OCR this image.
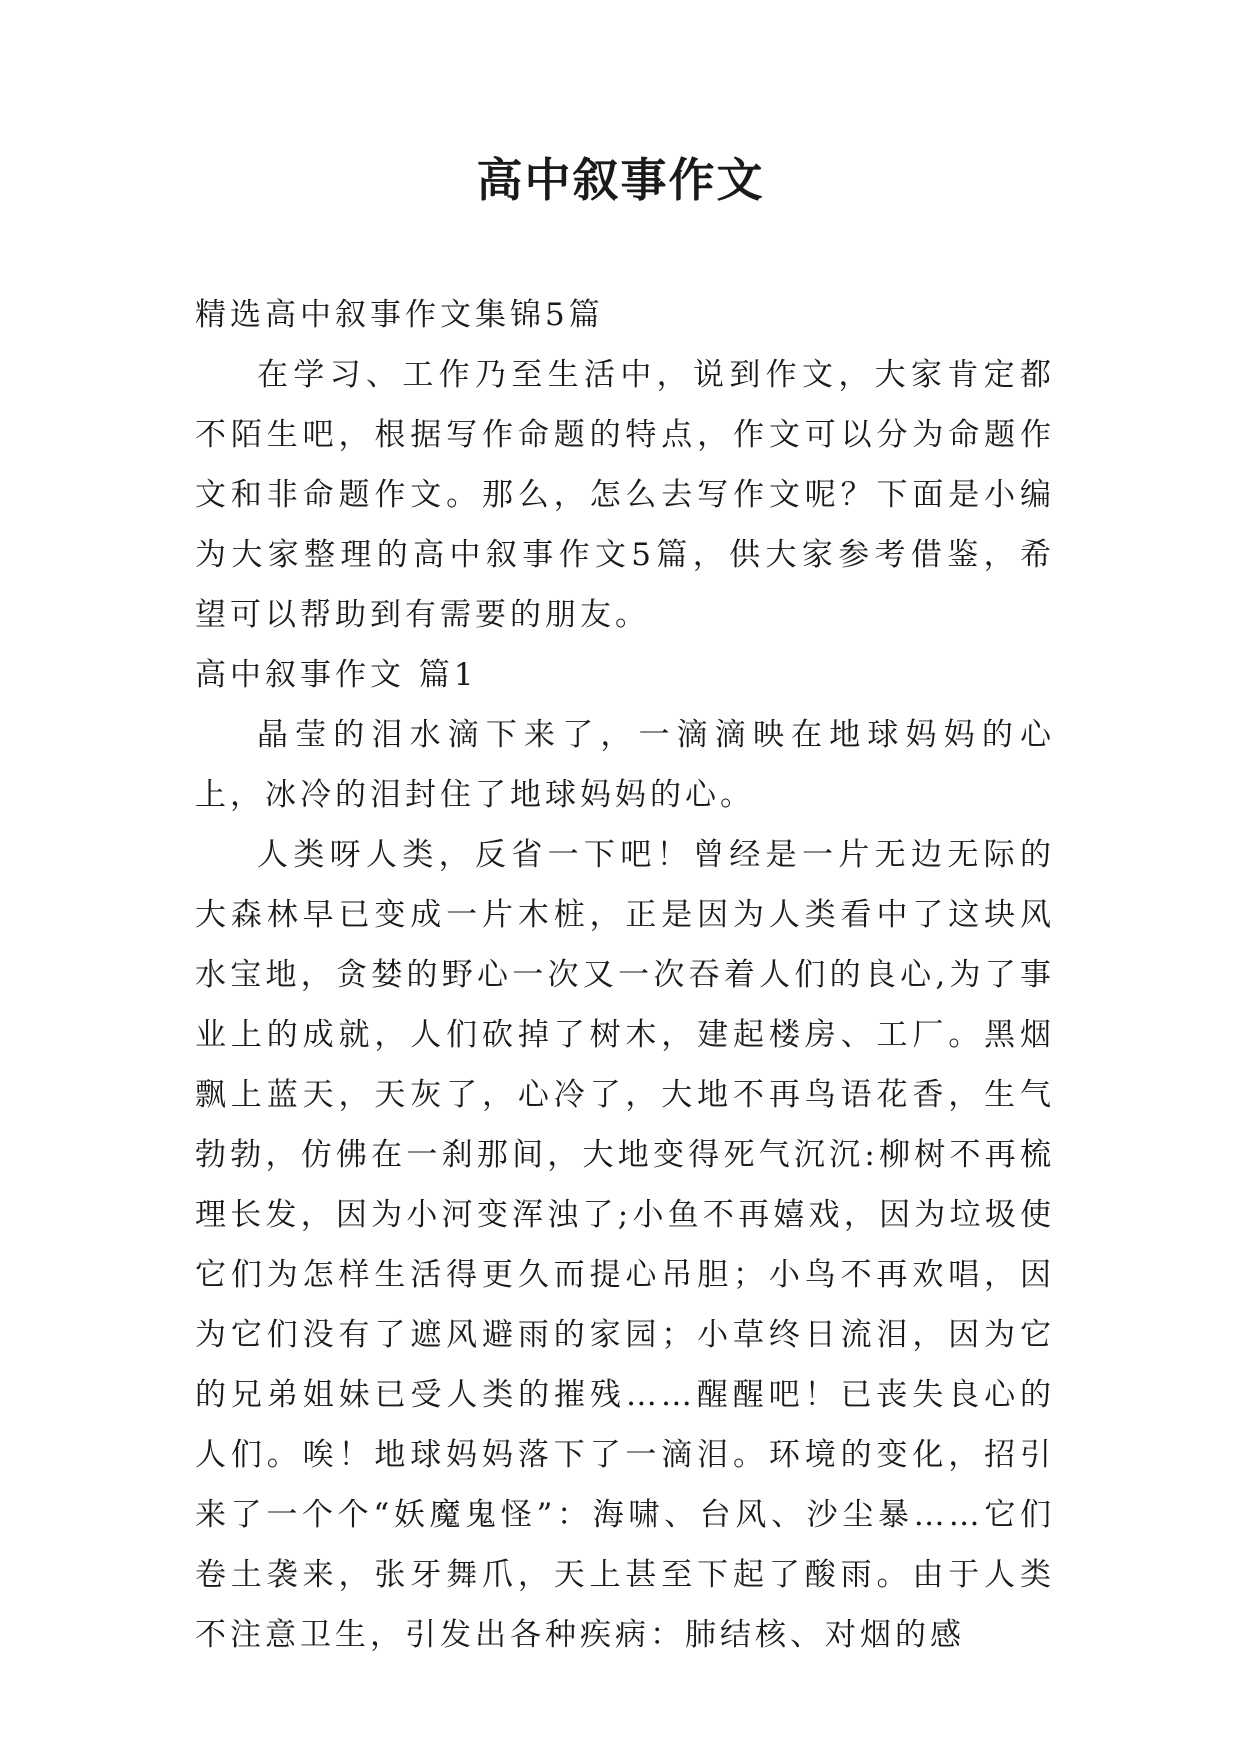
高中叙事作文

精选高中叙事作文集锦5篇

在学习、工作乃至生活中，说到作文，大家肯定都不陌生吧，根据写作命题的特点，作文可以分为命题作文和非命题作文。那么，怎么去写作文呢？下面是小编为大家整理的高中叙事作文5篇，供大家参考借鉴，希望可以帮助到有需要的朋友。

高中叙事作文 篇1

晶莹的泪水滴下来了，一滴滴映在地球妈妈的心上，冰冷的泪封住了地球妈妈的心。

人类呀人类，反省一下吧！曾经是一片无边无际的大森林早已变成一片木桩，正是因为人类看中了这块风水宝地，贪婪的野心一次又一次吞着人们的良心,为了事业上的成就，人们砍掉了树木，建起楼房、工厂。黑烟飘上蓝天，天灰了，心冷了，大地不再鸟语花香，生气勃勃，仿佛在一刹那间，大地变得死气沉沉:柳树不再梳理长发，因为小河变浑浊了;小鱼不再嬉戏，因为垃圾使它们为怎样生活得更久而提心吊胆；小鸟不再欢唱，因为它们没有了遮风避雨的家园；小草终日流泪，因为它的兄弟姐妹已受人类的摧残……醒醒吧！已丧失良心的人们。唉！地球妈妈落下了一滴泪。环境的变化，招引来了一个个“妖魔鬼怪”：海啸、台风、沙尘暴……它们卷土袭来，张牙舞爪，天上甚至下起了酸雨。由于人类不注意卫生，引发出各种疾病：肺结核、对烟的感
